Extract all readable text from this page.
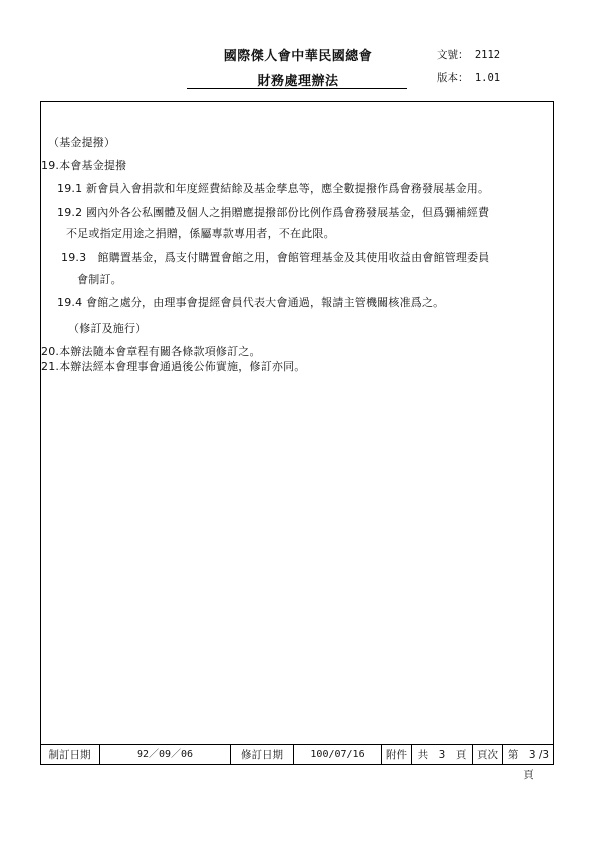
國際傑人會中華民國總會
財務處理辦法
文號： 2112
版本： 1.01
（基金提撥）
19.本會基金提撥
19.1 新會員入會捐款和年度經費結餘及基金孳息等，應全數提撥作爲會務發展基金用。
19.2 國內外各公私團體及個人之捐贈應提撥部份比例作爲會務發展基金，但爲彌補經費
不足或指定用途之捐贈，係屬專款專用者，不在此限。
19.3　館購置基金，爲支付購置會館之用，會館管理基金及其使用收益由會館管理委員
會制訂。
19.4 會館之處分，由理事會提經會員代表大會通過，報請主管機關核准爲之。
（修訂及施行）
20.本辦法隨本會章程有關各條款項修訂之。
21.本辦法經本會理事會通過後公佈實施，修訂亦同。
制訂日期	92／09／06	修訂日期	100/07/16	附件	共　3　頁	頁次 第　3 /3 頁
